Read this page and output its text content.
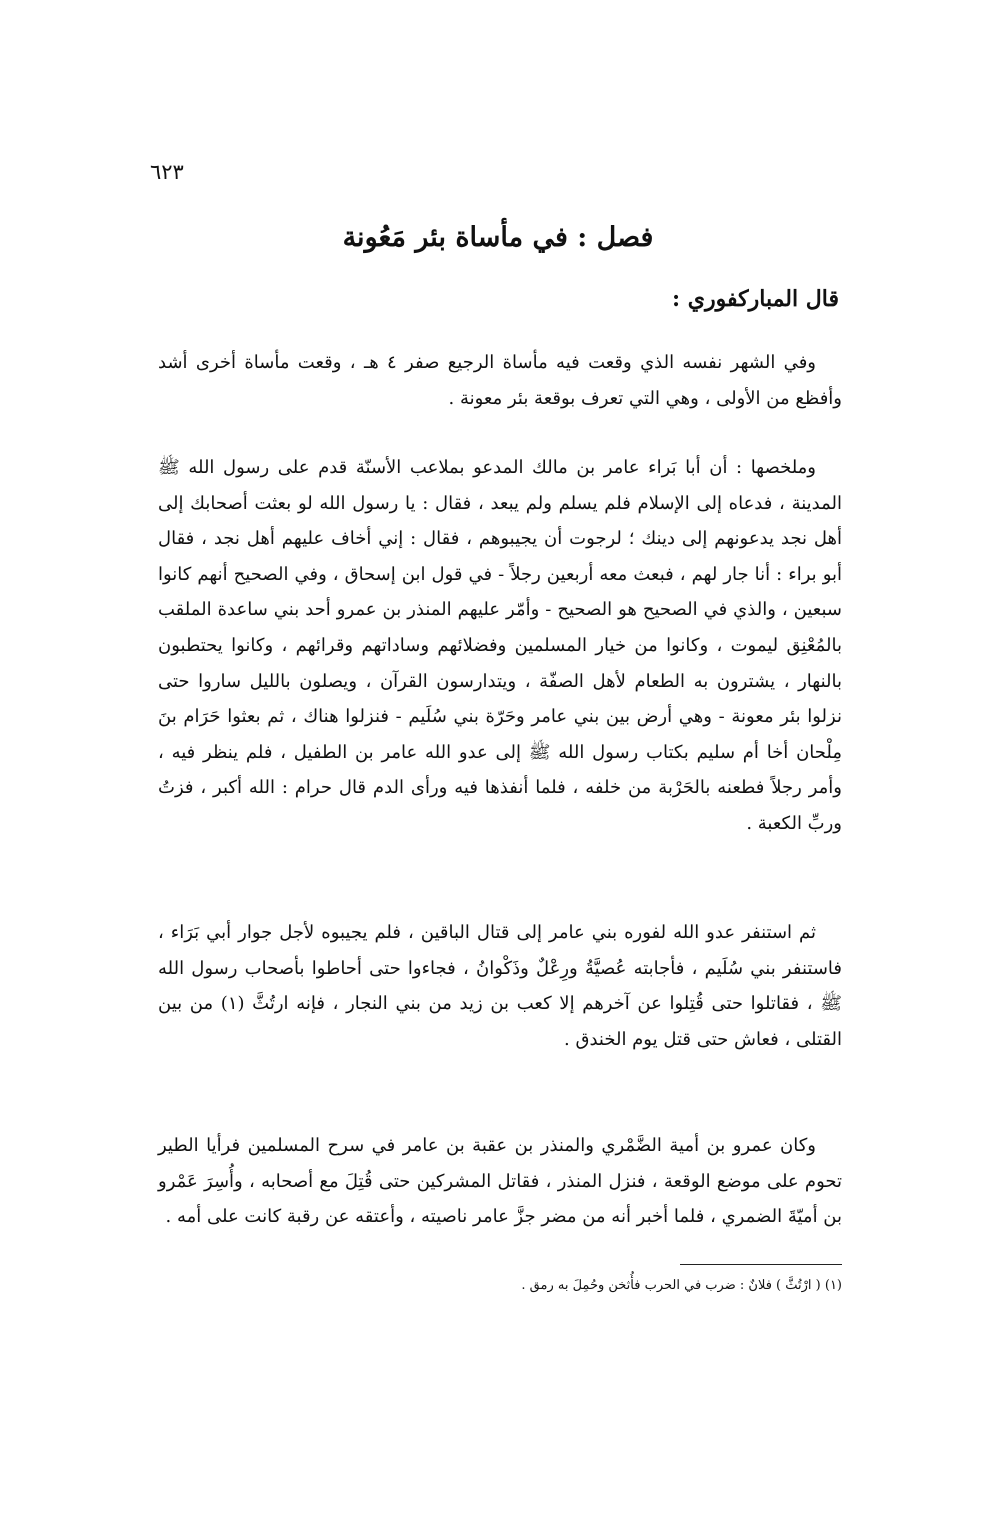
٦٢٣
فصل : في مأساة بئر مَعُونة
قال المباركفوري :

وفي الشهر نفسه الذي وقعت فيه مأساة الرجيع صفر ٤ هـ ، وقعت مأساة أخرى أشد وأفظع من الأولى ، وهي التي تعرف بوقعة بئر معونة .

وملخصها : أن أبا بَراء عامر بن مالك المدعو بملاعب الأسنّة قدم على رسول الله ﷺ المدينة ، فدعاه إلى الإسلام فلم يسلم ولم يبعد ، فقال : يا رسول الله لو بعثت أصحابك إلى أهل نجد يدعونهم إلى دينك ؛ لرجوت أن يجيبوهم ، فقال : إني أخاف عليهم أهل نجد ، فقال أبو براء : أنا جار لهم ، فبعث معه أربعين رجلاً - في قول ابن إسحاق ، وفي الصحيح أنهم كانوا سبعين ، والذي في الصحيح هو الصحيح - وأمّر عليهم المنذر بن عمرو أحد بني ساعدة الملقب بالمُعْنِق ليموت ، وكانوا من خيار المسلمين وفضلائهم وساداتهم وقرائهم ، وكانوا يحتطبون بالنهار ، يشترون به الطعام لأهل الصفّة ، ويتدارسون القرآن ، ويصلون بالليل ساروا حتى نزلوا بئر معونة - وهي أرض بين بني عامر وحَرّة بني سُلَيم - فنزلوا هناك ، ثم بعثوا حَرَام بنَ مِلْحان أخا أم سليم بكتاب رسول الله ﷺ إلى عدو الله عامر بن الطفيل ، فلم ينظر فيه ، وأمر رجلاً فطعنه بالحَرْبة من خلفه ، فلما أنفذها فيه ورأى الدم قال حرام : الله أكبر ، فزتُ وربِّ الكعبة .

ثم استنفر عدو الله لفوره بني عامر إلى قتال الباقين ، فلم يجيبوه لأجل جوار أبي بَرَاء ، فاستنفر بني سُلَيم ، فأجابته عُصيَّةُ ورِعْلٌ وذَكْوانُ ، فجاءوا حتى أحاطوا بأصحاب رسول الله ﷺ ، فقاتلوا حتى قُتِلوا عن آخرهم إلا كعب بن زيد من بني النجار ، فإنه ارتُثَّ (١) من بين القتلى ، فعاش حتى قتل يوم الخندق .

وكان عمرو بن أمية الضَّمْري والمنذر بن عقبة بن عامر في سرح المسلمين فرأيا الطير تحوم على موضع الوقعة ، فنزل المنذر ، فقاتل المشركين حتى قُتِلَ مع أصحابه ، وأُسِرَ عَمْرو بن أميّةَ الضمري ، فلما أخبر أنه من مضر جزَّ عامر ناصيته ، وأعتقه عن رقبة كانت على أمه .

(١) ( ارْتُثَّ ) فلانٌ : ضرب في الحرب فأُثخن وحُمِلَ به رمق .
